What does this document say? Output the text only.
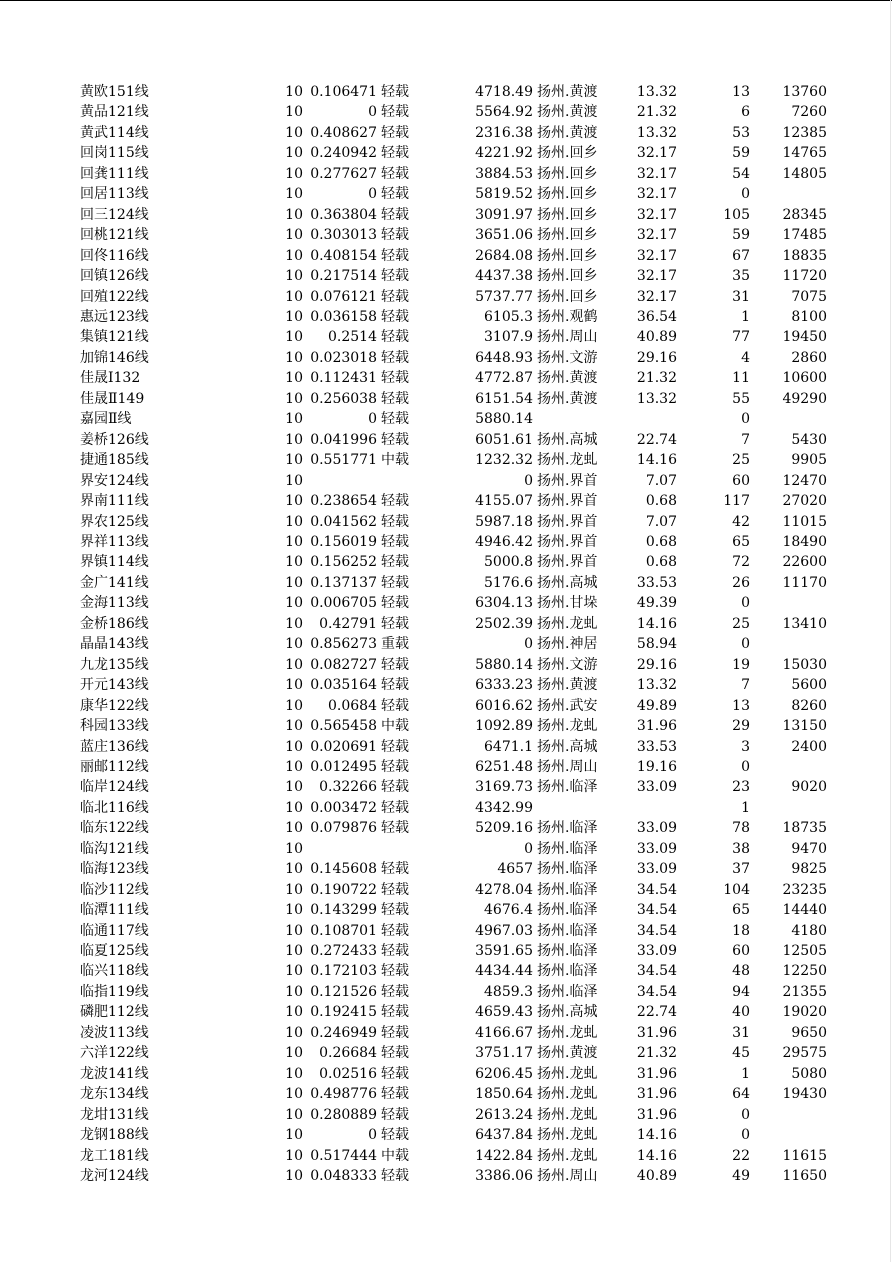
黄欧151线	10	0.106471	轻载	4718.49	扬州.黄渡	13.32	13	13760
黄品121线	10	0	轻载	5564.92	扬州.黄渡	21.32	6	7260
黄武114线	10	0.408627	轻载	2316.38	扬州.黄渡	13.32	53	12385
回岗115线	10	0.240942	轻载	4221.92	扬州.回乡	32.17	59	14765
回龚111线	10	0.277627	轻载	3884.53	扬州.回乡	32.17	54	14805
回居113线	10	0	轻载	5819.52	扬州.回乡	32.17	0	
回三124线	10	0.363804	轻载	3091.97	扬州.回乡	32.17	105	28345
回桃121线	10	0.303013	轻载	3651.06	扬州.回乡	32.17	59	17485
回佟116线	10	0.408154	轻载	2684.08	扬州.回乡	32.17	67	18835
回镇126线	10	0.217514	轻载	4437.38	扬州.回乡	32.17	35	11720
回殖122线	10	0.076121	轻载	5737.77	扬州.回乡	32.17	31	7075
惠远123线	10	0.036158	轻载	6105.3	扬州.观鹤	36.54	1	8100
集镇121线	10	0.2514	轻载	3107.9	扬州.周山	40.89	77	19450
加锦146线	10	0.023018	轻载	6448.93	扬州.文游	29.16	4	2860
佳晟Ⅰ132	10	0.112431	轻载	4772.87	扬州.黄渡	21.32	11	10600
佳晟Ⅱ149	10	0.256038	轻载	6151.54	扬州.黄渡	13.32	55	49290
嘉园Ⅱ线	10	0	轻载	5880.14			0	
姜桥126线	10	0.041996	轻载	6051.61	扬州.高城	22.74	7	5430
捷通185线	10	0.551771	中载	1232.32	扬州.龙虬	14.16	25	9905
界安124线	10			0	扬州.界首	7.07	60	12470
界南111线	10	0.238654	轻载	4155.07	扬州.界首	0.68	117	27020
界农125线	10	0.041562	轻载	5987.18	扬州.界首	7.07	42	11015
界祥113线	10	0.156019	轻载	4946.42	扬州.界首	0.68	65	18490
界镇114线	10	0.156252	轻载	5000.8	扬州.界首	0.68	72	22600
金广141线	10	0.137137	轻载	5176.6	扬州.高城	33.53	26	11170
金海113线	10	0.006705	轻载	6304.13	扬州.甘垛	49.39	0	
金桥186线	10	0.42791	轻载	2502.39	扬州.龙虬	14.16	25	13410
晶晶143线	10	0.856273	重载	0	扬州.神居	58.94	0	
九龙135线	10	0.082727	轻载	5880.14	扬州.文游	29.16	19	15030
开元143线	10	0.035164	轻载	6333.23	扬州.黄渡	13.32	7	5600
康华122线	10	0.0684	轻载	6016.62	扬州.武安	49.89	13	8260
科园133线	10	0.565458	中载	1092.89	扬州.龙虬	31.96	29	13150
蓝庄136线	10	0.020691	轻载	6471.1	扬州.高城	33.53	3	2400
丽邮112线	10	0.012495	轻载	6251.48	扬州.周山	19.16	0	
临岸124线	10	0.32266	轻载	3169.73	扬州.临泽	33.09	23	9020
临北116线	10	0.003472	轻载	4342.99			1	
临东122线	10	0.079876	轻载	5209.16	扬州.临泽	33.09	78	18735
临沟121线	10			0	扬州.临泽	33.09	38	9470
临海123线	10	0.145608	轻载	4657	扬州.临泽	33.09	37	9825
临沙112线	10	0.190722	轻载	4278.04	扬州.临泽	34.54	104	23235
临潭111线	10	0.143299	轻载	4676.4	扬州.临泽	34.54	65	14440
临通117线	10	0.108701	轻载	4967.03	扬州.临泽	34.54	18	4180
临夏125线	10	0.272433	轻载	3591.65	扬州.临泽	33.09	60	12505
临兴118线	10	0.172103	轻载	4434.44	扬州.临泽	34.54	48	12250
临指119线	10	0.121526	轻载	4859.3	扬州.临泽	34.54	94	21355
磷肥112线	10	0.192415	轻载	4659.43	扬州.高城	22.74	40	19020
凌波113线	10	0.246949	轻载	4166.67	扬州.龙虬	31.96	31	9650
六洋122线	10	0.26684	轻载	3751.17	扬州.黄渡	21.32	45	29575
龙波141线	10	0.02516	轻载	6206.45	扬州.龙虬	31.96	1	5080
龙东134线	10	0.498776	轻载	1850.64	扬州.龙虬	31.96	64	19430
龙坩131线	10	0.280889	轻载	2613.24	扬州.龙虬	31.96	0	
龙钢188线	10	0	轻载	6437.84	扬州.龙虬	14.16	0	
龙工181线	10	0.517444	中载	1422.84	扬州.龙虬	14.16	22	11615
龙河124线	10	0.048333	轻载	3386.06	扬州.周山	40.89	49	11650
